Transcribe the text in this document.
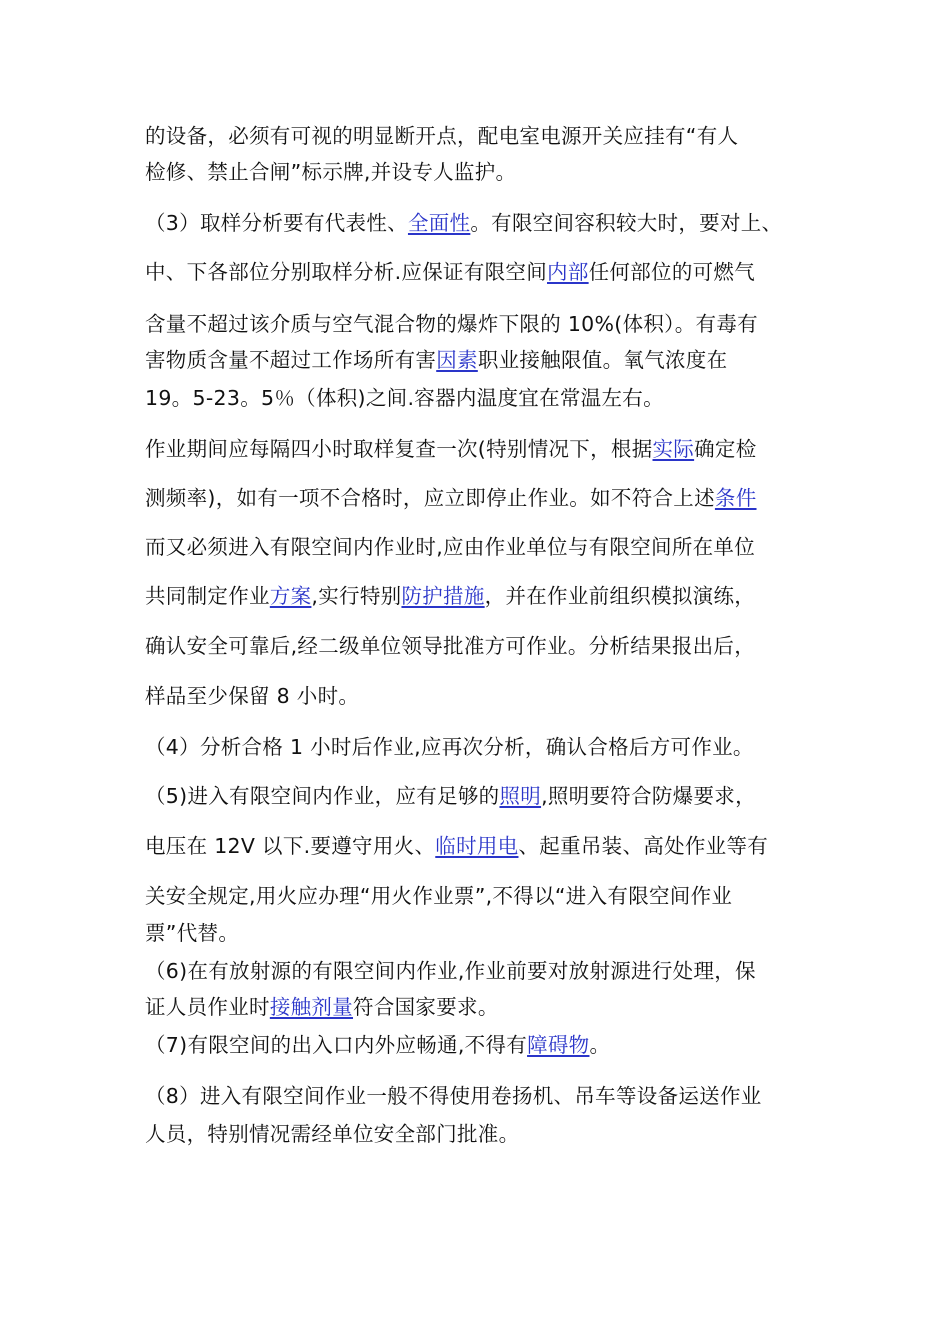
的设备，必须有可视的明显断开点，配电室电源开关应挂有“有人
检修、禁止合闸”标示牌,并设专人监护。
（3）取样分析要有代表性、全面性。有限空间容积较大时，要对上、
中、下各部位分别取样分析.应保证有限空间内部任何部位的可燃气
含量不超过该介质与空气混合物的爆炸下限的 10%(体积）。有毒有
害物质含量不超过工作场所有害因素职业接触限值。氧气浓度在
19。5-23。5％（体积)之间.容器内温度宜在常温左右。
作业期间应每隔四小时取样复查一次(特别情况下，根据实际确定检
测频率)，如有一项不合格时，应立即停止作业。如不符合上述条件
而又必须进入有限空间内作业时,应由作业单位与有限空间所在单位
共同制定作业方案,实行特别防护措施，并在作业前组织模拟演练，
确认安全可靠后,经二级单位领导批准方可作业。分析结果报出后，
样品至少保留 8 小时。
（4）分析合格 1 小时后作业,应再次分析，确认合格后方可作业。
（5)进入有限空间内作业，应有足够的照明,照明要符合防爆要求，
电压在 12V 以下.要遵守用火、临时用电、起重吊装、高处作业等有
关安全规定,用火应办理“用火作业票”,不得以“进入有限空间作业
票”代替。
（6)在有放射源的有限空间内作业,作业前要对放射源进行处理，保
证人员作业时接触剂量符合国家要求。
（7)有限空间的出入口内外应畅通,不得有障碍物。
（8）进入有限空间作业一般不得使用卷扬机、吊车等设备运送作业
人员，特别情况需经单位安全部门批准。
